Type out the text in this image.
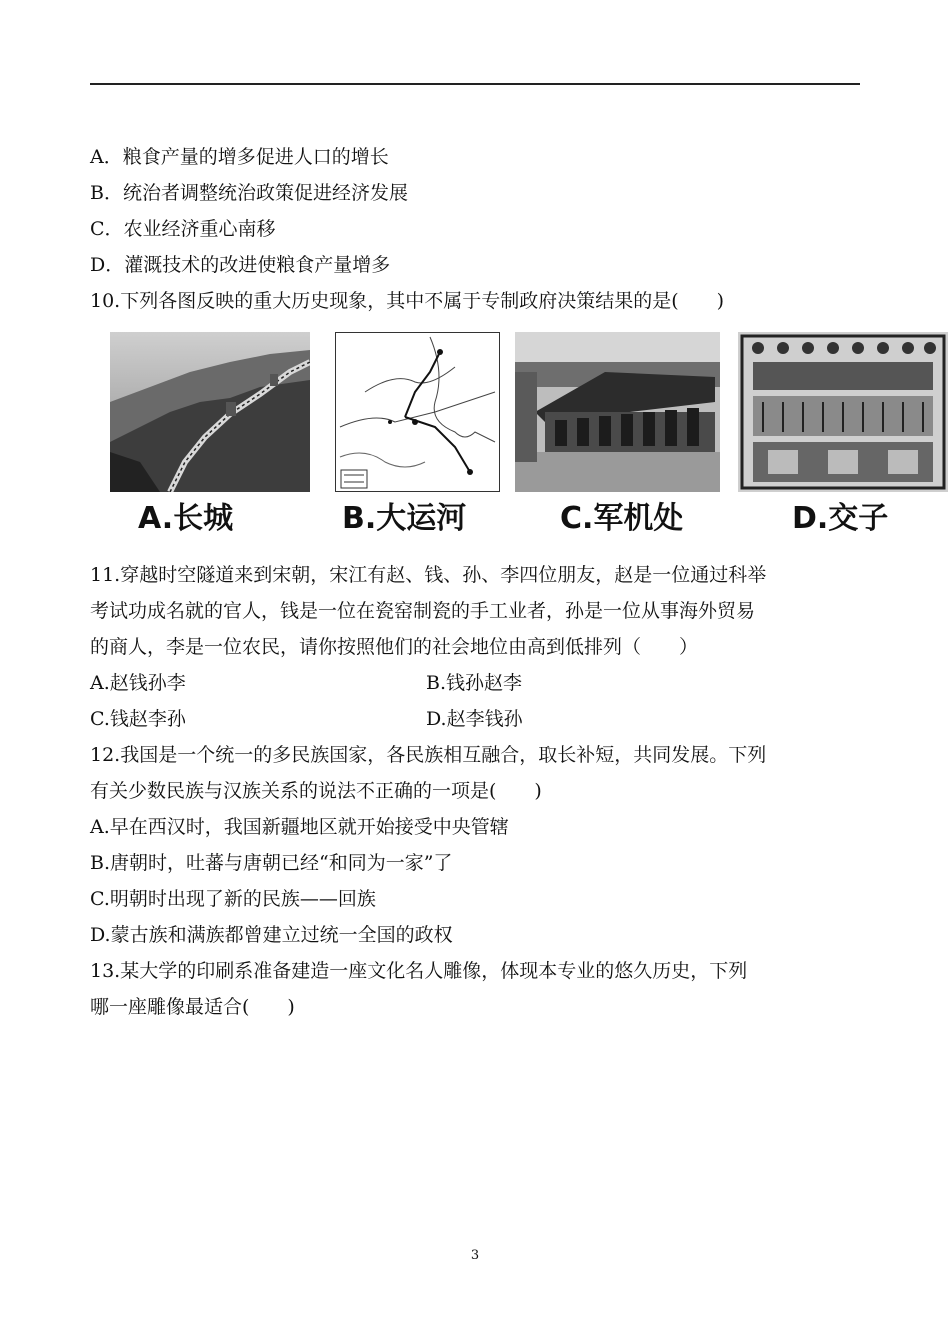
A．粮食产量的增多促进人口的增长
B．统治者调整统治政策促进经济发展
C．农业经济重心南移
D．灌溉技术的改进使粮食产量增多
10.下列各图反映的重大历史现象，其中不属于专制政府决策结果的是(　　)
A.长城	B.大运河	C.军机处	D.交子
11.穿越时空隧道来到宋朝，宋江有赵、钱、孙、李四位朋友，赵是一位通过科举
考试功成名就的官人，钱是一位在瓷窑制瓷的手工业者，孙是一位从事海外贸易
的商人，李是一位农民，请你按照他们的社会地位由高到低排列（　　）
A.赵钱孙李	B.钱孙赵李
C.钱赵李孙	D.赵李钱孙
12.我国是一个统一的多民族国家，各民族相互融合，取长补短，共同发展。下列
有关少数民族与汉族关系的说法不正确的一项是(　　)
A.早在西汉时，我国新疆地区就开始接受中央管辖
B.唐朝时，吐蕃与唐朝已经“和同为一家”了
C.明朝时出现了新的民族——回族
D.蒙古族和满族都曾建立过统一全国的政权
13.某大学的印刷系准备建造一座文化名人雕像，体现本专业的悠久历史，下列
哪一座雕像最适合(　　)
3
